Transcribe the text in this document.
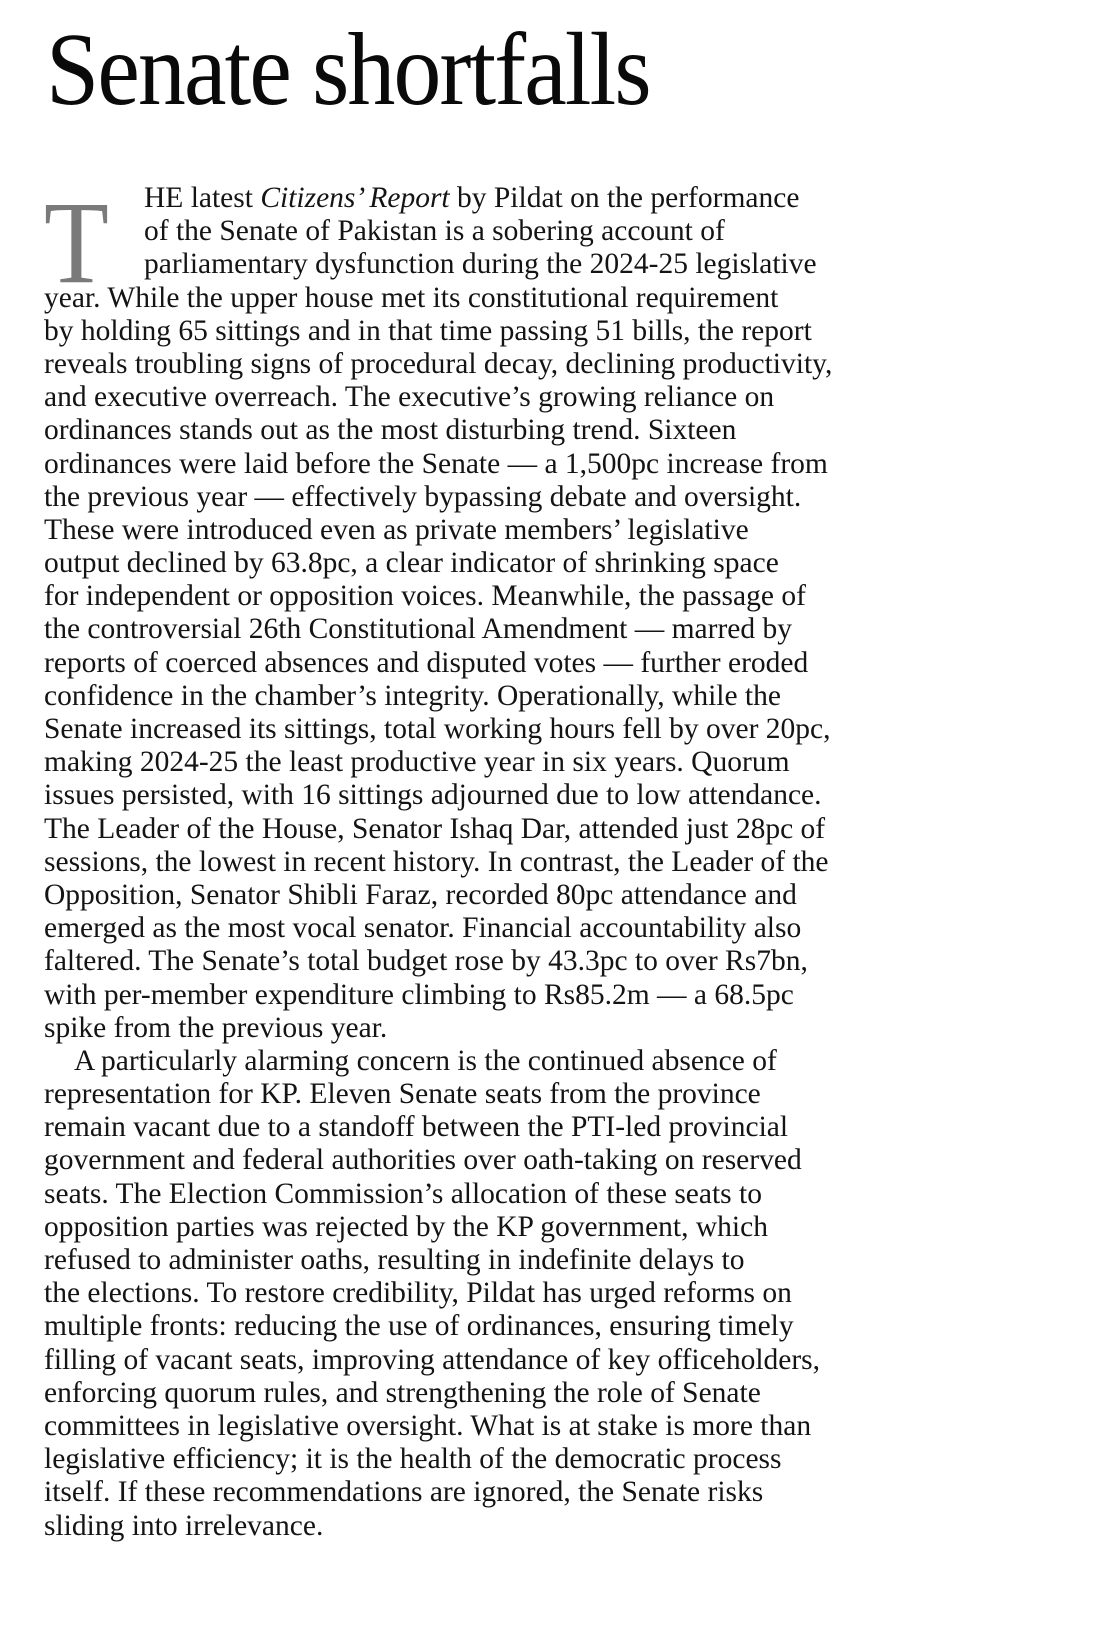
Senate shortfalls
T	HE latest Citizens’ Report by Pildat on the performance
of the Senate of Pakistan is a sobering account of
parliamentary dysfunction during the 2024-25 legislative
year. While the upper house met its constitutional requirement
by holding 65 sittings and in that time passing 51 bills, the report
reveals troubling signs of procedural decay, declining productivity,
and executive overreach. The executive’s growing reliance on
ordinances stands out as the most disturbing trend. Sixteen
ordinances were laid before the Senate — a 1,500pc increase from
the previous year — effectively bypassing debate and oversight.
These were introduced even as private members’ legislative
output declined by 63.8pc, a clear indicator of shrinking space
for independent or opposition voices. Meanwhile, the passage of
the controversial 26th Constitutional Amendment — marred by
reports of coerced absences and disputed votes — further eroded
confidence in the chamber’s integrity. Operationally, while the
Senate increased its sittings, total working hours fell by over 20pc,
making 2024-25 the least productive year in six years. Quorum
issues persisted, with 16 sittings adjourned due to low attendance.
The Leader of the House, Senator Ishaq Dar, attended just 28pc of
sessions, the lowest in recent history. In contrast, the Leader of the
Opposition, Senator Shibli Faraz, recorded 80pc attendance and
emerged as the most vocal senator. Financial accountability also
faltered. The Senate’s total budget rose by 43.3pc to over Rs7bn,
with per-member expenditure climbing to Rs85.2m — a 68.5pc
spike from the previous year.
A particularly alarming concern is the continued absence of
representation for KP. Eleven Senate seats from the province
remain vacant due to a standoff between the PTI-led provincial
government and federal authorities over oath-taking on reserved
seats. The Election Commission’s allocation of these seats to
opposition parties was rejected by the KP government, which
refused to administer oaths, resulting in indefinite delays to
the elections. To restore credibility, Pildat has urged reforms on
multiple fronts: reducing the use of ordinances, ensuring timely
filling of vacant seats, improving attendance of key officeholders,
enforcing quorum rules, and strengthening the role of Senate
committees in legislative oversight. What is at stake is more than
legislative efficiency; it is the health of the democratic process
itself. If these recommendations are ignored, the Senate risks
sliding into irrelevance.
